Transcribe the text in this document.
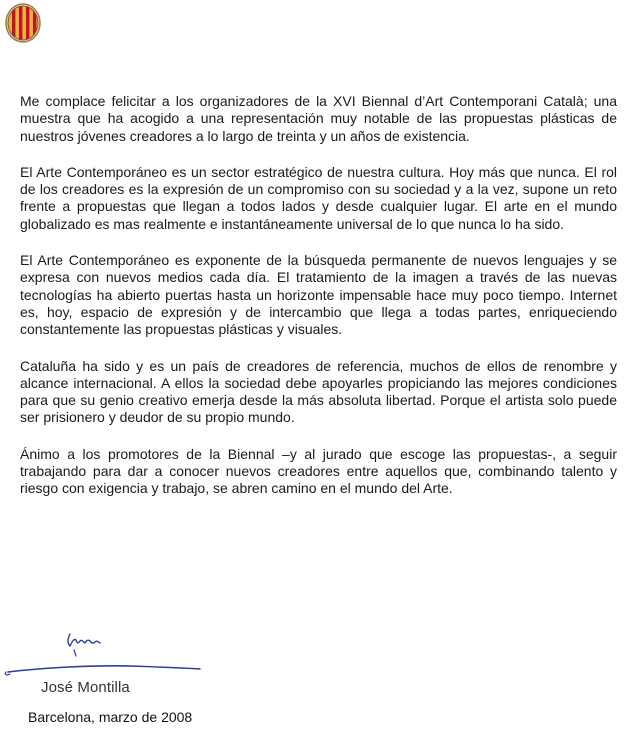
Me complace felicitar a los organizadores de la XVI Biennal d’Art Contemporani Català; una muestra que ha acogido a una representación muy notable de las propuestas plásticas de nuestros jóvenes creadores a lo largo de treinta y un años de existencia.

El Arte Contemporáneo es un sector estratégico de nuestra cultura. Hoy más que nunca. El rol de los creadores es la expresión de un compromiso con su sociedad y a la vez, supone un reto frente a propuestas que llegan a todos lados y desde cualquier lugar. El arte en el mundo globalizado es mas realmente e instantáneamente universal de lo que nunca lo ha sido.

El Arte Contemporáneo es exponente de la búsqueda permanente de nuevos lenguajes y se expresa con nuevos medios cada día. El tratamiento de la imagen a través de las nuevas tecnologías ha abierto puertas hasta un horizonte impensable hace muy poco tiempo. Internet es, hoy, espacio de expresión y de intercambio que llega a todas partes, enriqueciendo constantemente las propuestas plásticas y visuales.

Cataluña ha sido y es un país de creadores de referencia, muchos de ellos de renombre y alcance internacional. A ellos la sociedad debe apoyarles propiciando las mejores condiciones para que su genio creativo emerja desde la más absoluta libertad. Porque el artista solo puede ser prisionero y deudor de su propio mundo.

Ánimo a los promotores de la Biennal –y al jurado que escoge las propuestas-, a seguir trabajando para dar a conocer nuevos creadores entre aquellos que, combinando talento y riesgo con exigencia y trabajo, se abren camino en el mundo del Arte.

José Montilla
Barcelona, marzo de 2008
